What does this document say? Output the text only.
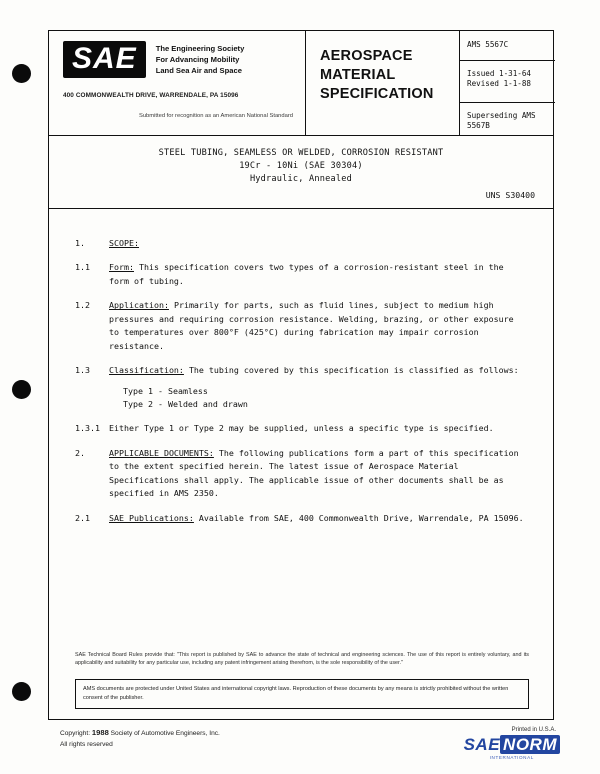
SAE	The Engineering Society
For Advancing Mobility
Land Sea Air and Space
400 COMMONWEALTH DRIVE, WARRENDALE, PA 15096
Submitted for recognition as an American National Standard
AEROSPACE
MATERIAL
SPECIFICATION
AMS 5567C
Issued 1-31-64
Revised 1-1-88
Superseding AMS 5567B
STEEL TUBING, SEAMLESS OR WELDED, CORROSION RESISTANT
19Cr - 10Ni (SAE 30304)
Hydraulic, Annealed
UNS S30400
1.	SCOPE:
1.1	Form: This specification covers two types of a corrosion-resistant steel in the form of tubing.
1.2	Application: Primarily for parts, such as fluid lines, subject to medium high pressures and requiring corrosion resistance. Welding, brazing, or other exposure to temperatures over 800°F (425°C) during fabrication may impair corrosion resistance.
1.3	Classification: The tubing covered by this specification is classified as follows:
Type 1 - Seamless
Type 2 - Welded and drawn
1.3.1	Either Type 1 or Type 2 may be supplied, unless a specific type is specified.
2.	APPLICABLE DOCUMENTS: The following publications form a part of this specification to the extent specified herein. The latest issue of Aerospace Material Specifications shall apply. The applicable issue of other documents shall be as specified in AMS 2350.
2.1	SAE Publications: Available from SAE, 400 Commonwealth Drive, Warrendale, PA 15096.
SAE Technical Board Rules provide that: "This report is published by SAE to advance the state of technical and engineering sciences. The use of this report is entirely voluntary, and its applicability and suitability for any particular use, including any patent infringement arising therefrom, is the sole responsibility of the user."
AMS documents are protected under United States and international copyright laws. Reproduction of these documents by any means is strictly prohibited without the written consent of the publisher.
Copyright: 1988 Society of Automotive Engineers, Inc.
All rights reserved
Printed in U.S.A.
SAE NORM
INTERNATIONAL
